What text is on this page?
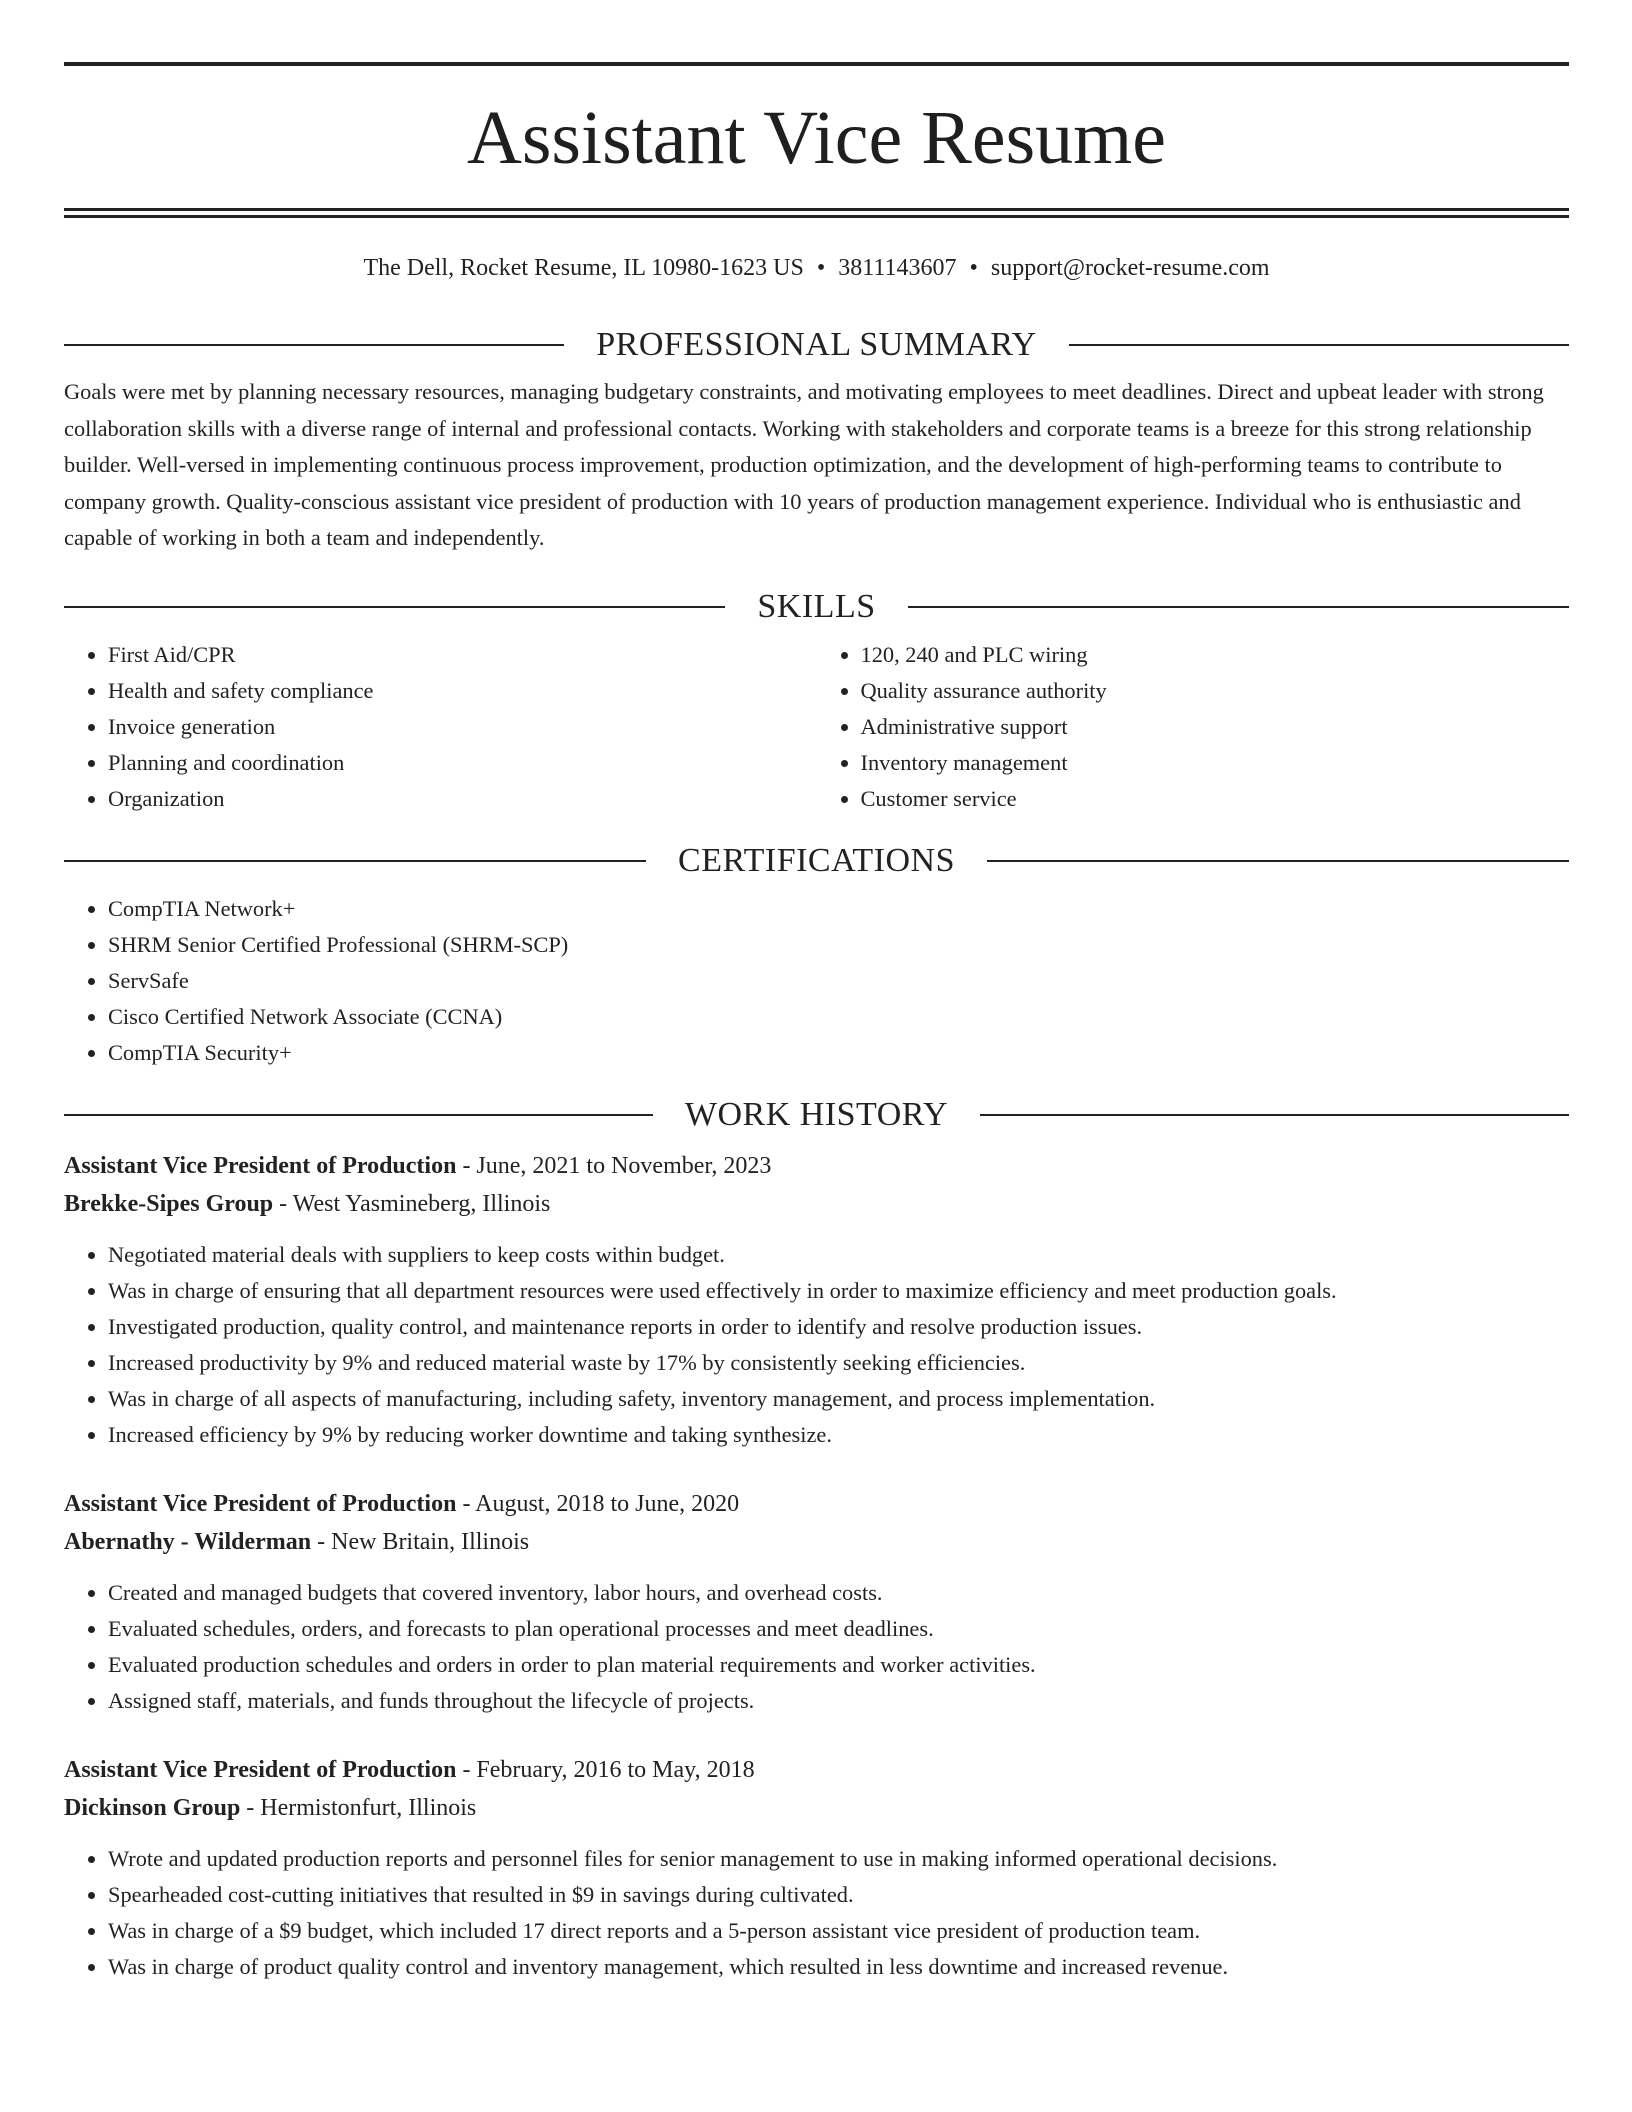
Assistant Vice Resume
The Dell, Rocket Resume, IL 10980-1623 US • 3811143607 • support@rocket-resume.com
PROFESSIONAL SUMMARY

Goals were met by planning necessary resources, managing budgetary constraints, and motivating employees to meet deadlines. Direct and upbeat leader with strong collaboration skills with a diverse range of internal and professional contacts. Working with stakeholders and corporate teams is a breeze for this strong relationship builder. Well-versed in implementing continuous process improvement, production optimization, and the development of high-performing teams to contribute to company growth. Quality-conscious assistant vice president of production with 10 years of production management experience. Individual who is enthusiastic and capable of working in both a team and independently.

SKILLS
• First Aid/CPR
• Health and safety compliance
• Invoice generation
• Planning and coordination
• Organization
• 120, 240 and PLC wiring
• Quality assurance authority
• Administrative support
• Inventory management
• Customer service
CERTIFICATIONS
• CompTIA Network+
• SHRM Senior Certified Professional (SHRM-SCP)
• ServSafe
• Cisco Certified Network Associate (CCNA)
• CompTIA Security+
WORK HISTORY

Assistant Vice President of Production - June, 2021 to November, 2023

Brekke-Sipes Group - West Yasmineberg, Illinois

• Negotiated material deals with suppliers to keep costs within budget.
• Was in charge of ensuring that all department resources were used effectively in order to maximize efficiency and meet production goals.
• Investigated production, quality control, and maintenance reports in order to identify and resolve production issues.
• Increased productivity by 9% and reduced material waste by 17% by consistently seeking efficiencies.
• Was in charge of all aspects of manufacturing, including safety, inventory management, and process implementation.
• Increased efficiency by 9% by reducing worker downtime and taking synthesize.

Assistant Vice President of Production - August, 2018 to June, 2020

Abernathy - Wilderman - New Britain, Illinois

• Created and managed budgets that covered inventory, labor hours, and overhead costs.
• Evaluated schedules, orders, and forecasts to plan operational processes and meet deadlines.
• Evaluated production schedules and orders in order to plan material requirements and worker activities.
• Assigned staff, materials, and funds throughout the lifecycle of projects.

Assistant Vice President of Production - February, 2016 to May, 2018

Dickinson Group - Hermistonfurt, Illinois

• Wrote and updated production reports and personnel files for senior management to use in making informed operational decisions.
• Spearheaded cost-cutting initiatives that resulted in $9 in savings during cultivated.
• Was in charge of a $9 budget, which included 17 direct reports and a 5-person assistant vice president of production team.
• Was in charge of product quality control and inventory management, which resulted in less downtime and increased revenue.
